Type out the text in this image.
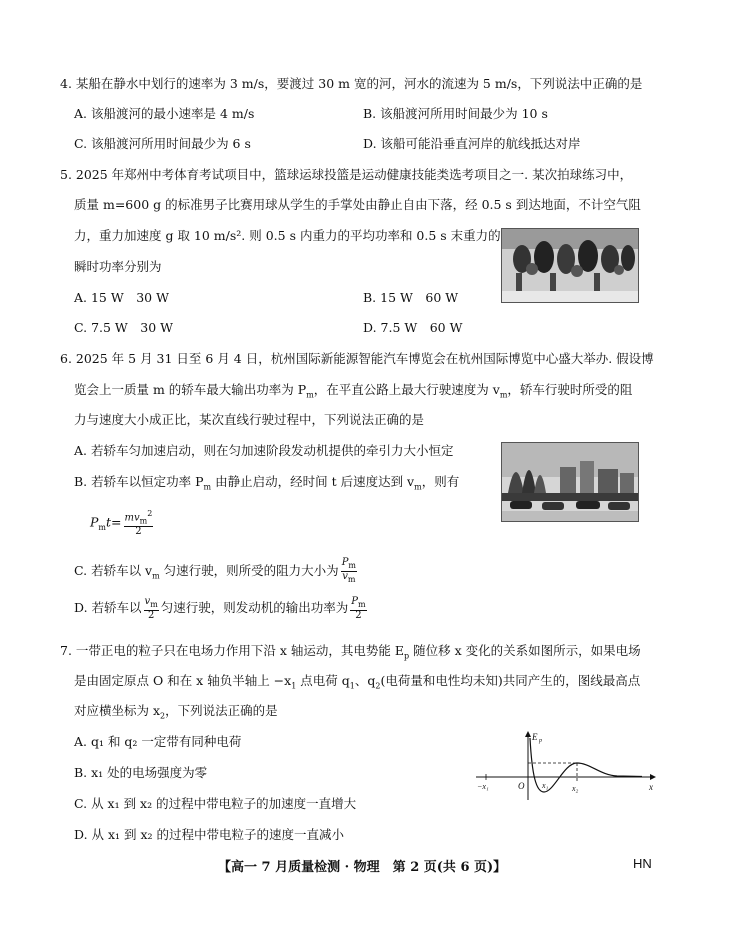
4. 某船在静水中划行的速率为 3 m/s，要渡过 30 m 宽的河，河水的流速为 5 m/s，下列说法中正确的是
A. 该船渡河的最小速率是 4 m/s	B. 该船渡河所用时间最少为 10 s
C. 该船渡河所用时间最少为 6 s	D. 该船可能沿垂直河岸的航线抵达对岸
5. 2025 年郑州中考体育考试项目中，篮球运球投篮是运动健康技能类选考项目之一. 某次拍球练习中，
质量 m=600 g 的标准男子比赛用球从学生的手掌处由静止自由下落，经 0.5 s 到达地面，不计空气阻
力，重力加速度 g 取 10 m/s². 则 0.5 s 内重力的平均功率和 0.5 s 末重力的
瞬时功率分别为
A. 15 W　30 W	B. 15 W　60 W
C. 7.5 W　30 W	D. 7.5 W　60 W
6. 2025 年 5 月 31 日至 6 月 4 日，杭州国际新能源智能汽车博览会在杭州国际博览中心盛大举办. 假设博
览会上一质量 m 的轿车最大输出功率为 $P_m$，在平直公路上最大行驶速度为 $v_m$，轿车行驶时所受的阻
力与速度大小成正比，某次直线行驶过程中，下列说法正确的是
A. 若轿车匀加速启动，则在匀加速阶段发动机提供的牵引力大小恒定
B. 若轿车以恒定功率 $P_m$ 由静止启动，经时间 t 后速度达到 $v_m$，则有
$P_mt= \frac{mv_m^2}{2}$
C. 若轿车以 $v_m$ 匀速行驶，则所受的阻力大小为 $\frac{P_m}{v_m}$
D. 若轿车以 $\frac{v_m}{2}$ 匀速行驶，则发动机的输出功率为 $\frac{P_m}{2}$
7. 一带正电的粒子只在电场力作用下沿 x 轴运动，其电势能 $E_p$ 随位移 x 变化的关系如图所示，如果电场
是由固定原点 O 和在 x 轴负半轴上 $-x_1$ 点电荷 $q_1$、$q_2$(电荷量和电性均未知)共同产生的，图线最高点
对应横坐标为 $x_2$，下列说法正确的是
A. q₁ 和 q₂ 一定带有同种电荷
B. x₁ 处的电场强度为零
C. 从 x₁ 到 x₂ 的过程中带电粒子的加速度一直增大
D. 从 x₁ 到 x₂ 的过程中带电粒子的速度一直减小
E p
x
O
−x₁	x₁	x₂
【高一 7 月质量检测 · 物理　第 2 页(共 6 页)】	HN
